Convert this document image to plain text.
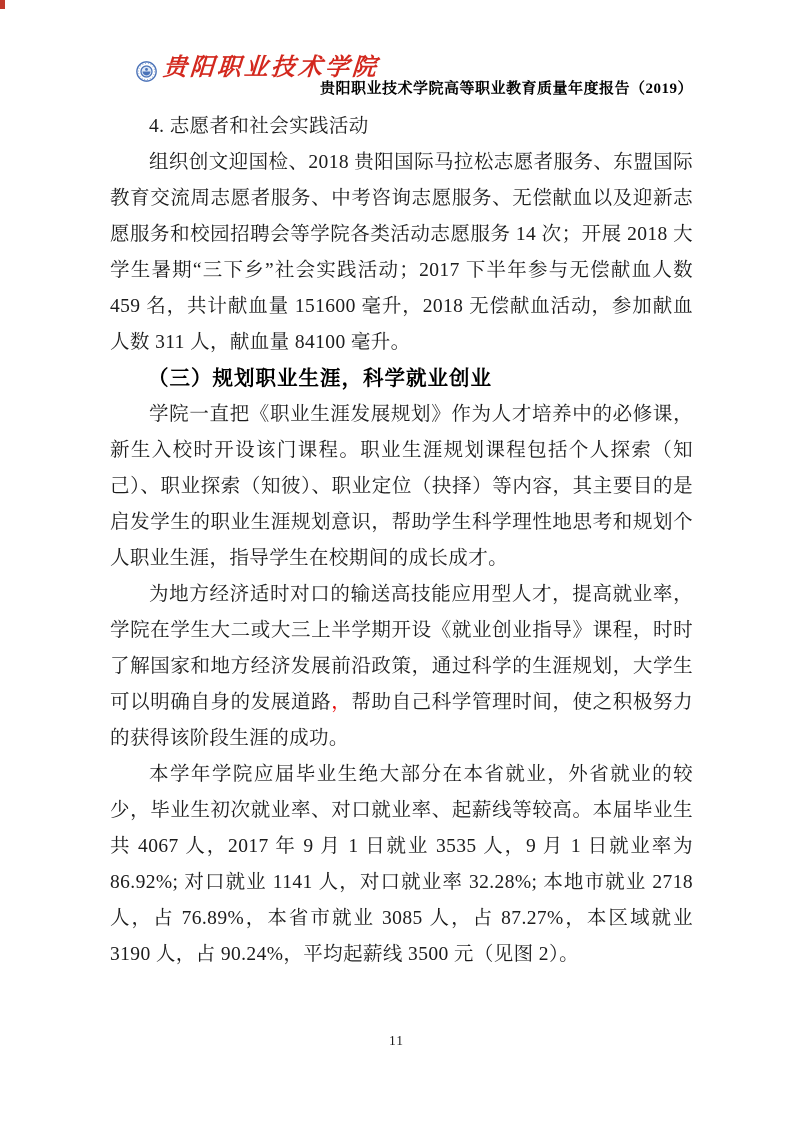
贵阳职业技术学院
贵阳职业技术学院高等职业教育质量年度报告（2019）

4. 志愿者和社会实践活动

组织创文迎国检、2018 贵阳国际马拉松志愿者服务、东盟国际教育交流周志愿者服务、中考咨询志愿服务、无偿献血以及迎新志愿服务和校园招聘会等学院各类活动志愿服务 14 次；开展 2018 大学生暑期“三下乡”社会实践活动；2017 下半年参与无偿献血人数 459 名，共计献血量 151600 毫升，2018 无偿献血活动，参加献血人数 311 人，献血量 84100 毫升。

（三）规划职业生涯，科学就业创业

学院一直把《职业生涯发展规划》作为人才培养中的必修课，新生入校时开设该门课程。职业生涯规划课程包括个人探索（知己）、职业探索（知彼）、职业定位（抉择）等内容，其主要目的是启发学生的职业生涯规划意识，帮助学生科学理性地思考和规划个人职业生涯，指导学生在校期间的成长成才。

为地方经济适时对口的输送高技能应用型人才，提高就业率，学院在学生大二或大三上半学期开设《就业创业指导》课程，时时了解国家和地方经济发展前沿政策，通过科学的生涯规划，大学生可以明确自身的发展道路，帮助自己科学管理时间，使之积极努力的获得该阶段生涯的成功。

本学年学院应届毕业生绝大部分在本省就业，外省就业的较少，毕业生初次就业率、对口就业率、起薪线等较高。本届毕业生共 4067 人，2017 年 9 月 1 日就业 3535 人，9 月 1 日就业率为 86.92%; 对口就业 1141 人，对口就业率 32.28%; 本地市就业 2718 人，占 76.89%，本省市就业 3085 人，占 87.27%，本区域就业 3190 人，占 90.24%，平均起薪线 3500 元（见图 2）。

11
